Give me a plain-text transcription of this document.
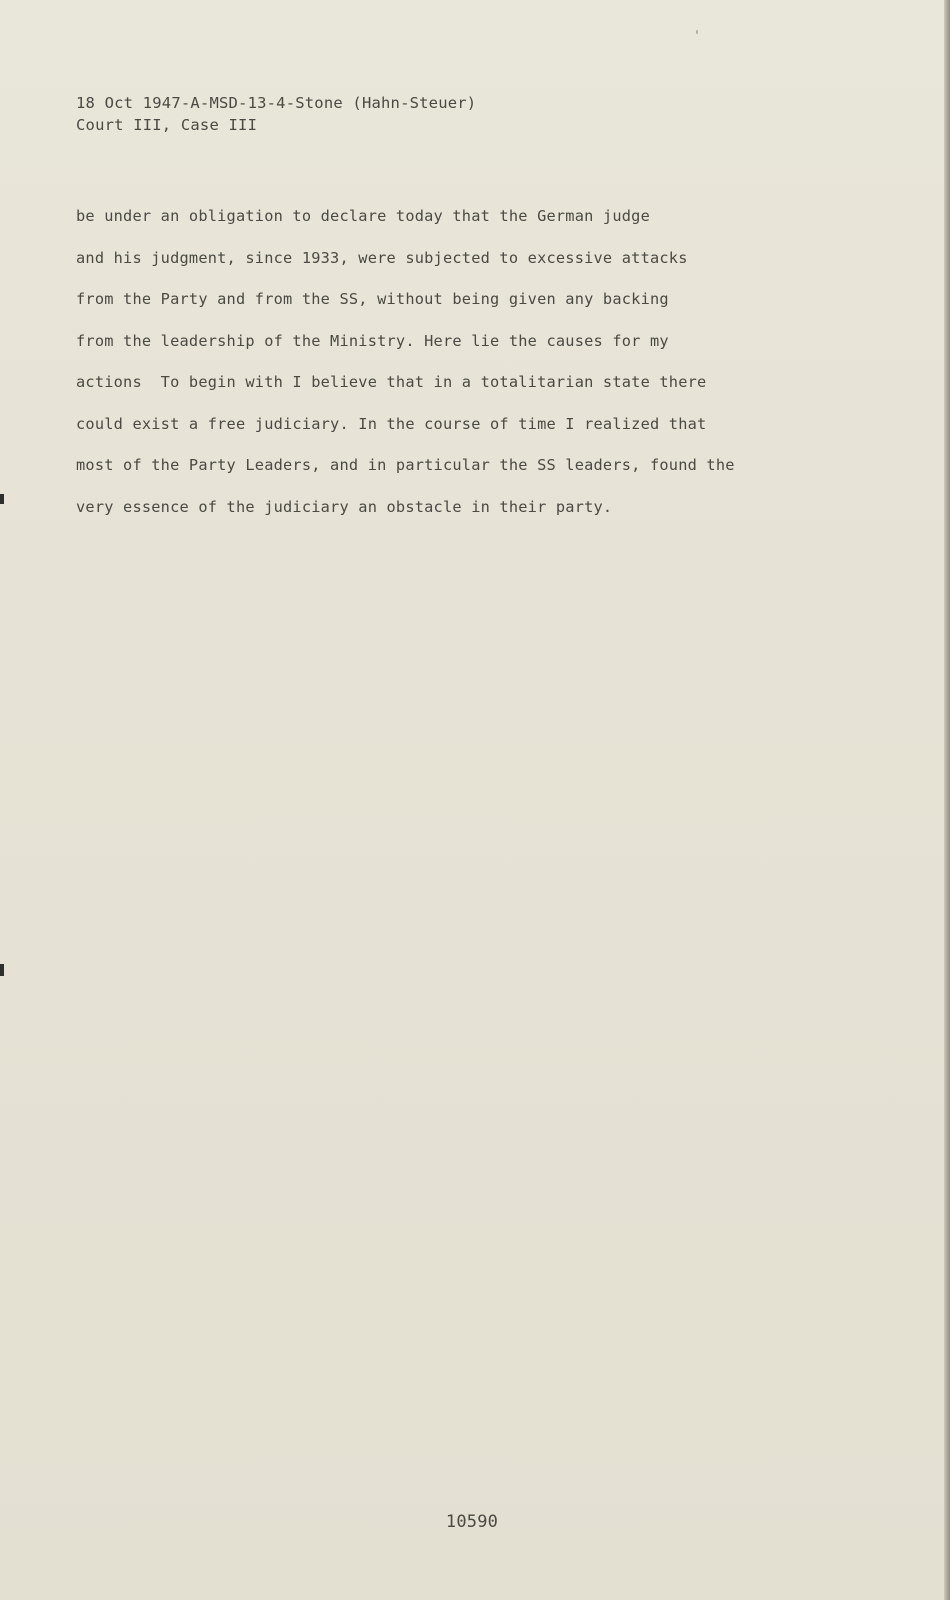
18 Oct 1947-A-MSD-13-4-Stone (Hahn-Steuer)
Court III, Case III
be under an obligation to declare today that the German judge
and his judgment, since 1933, were subjected to excessive attacks
from the Party and from the SS, without being given any backing
from the leadership of the Ministry. Here lie the causes for my
actions  To begin with I believe that in a totalitarian state there
could exist a free judiciary. In the course of time I realized that
most of the Party Leaders, and in particular the SS leaders, found the
very essence of the judiciary an obstacle in their party.
10590
